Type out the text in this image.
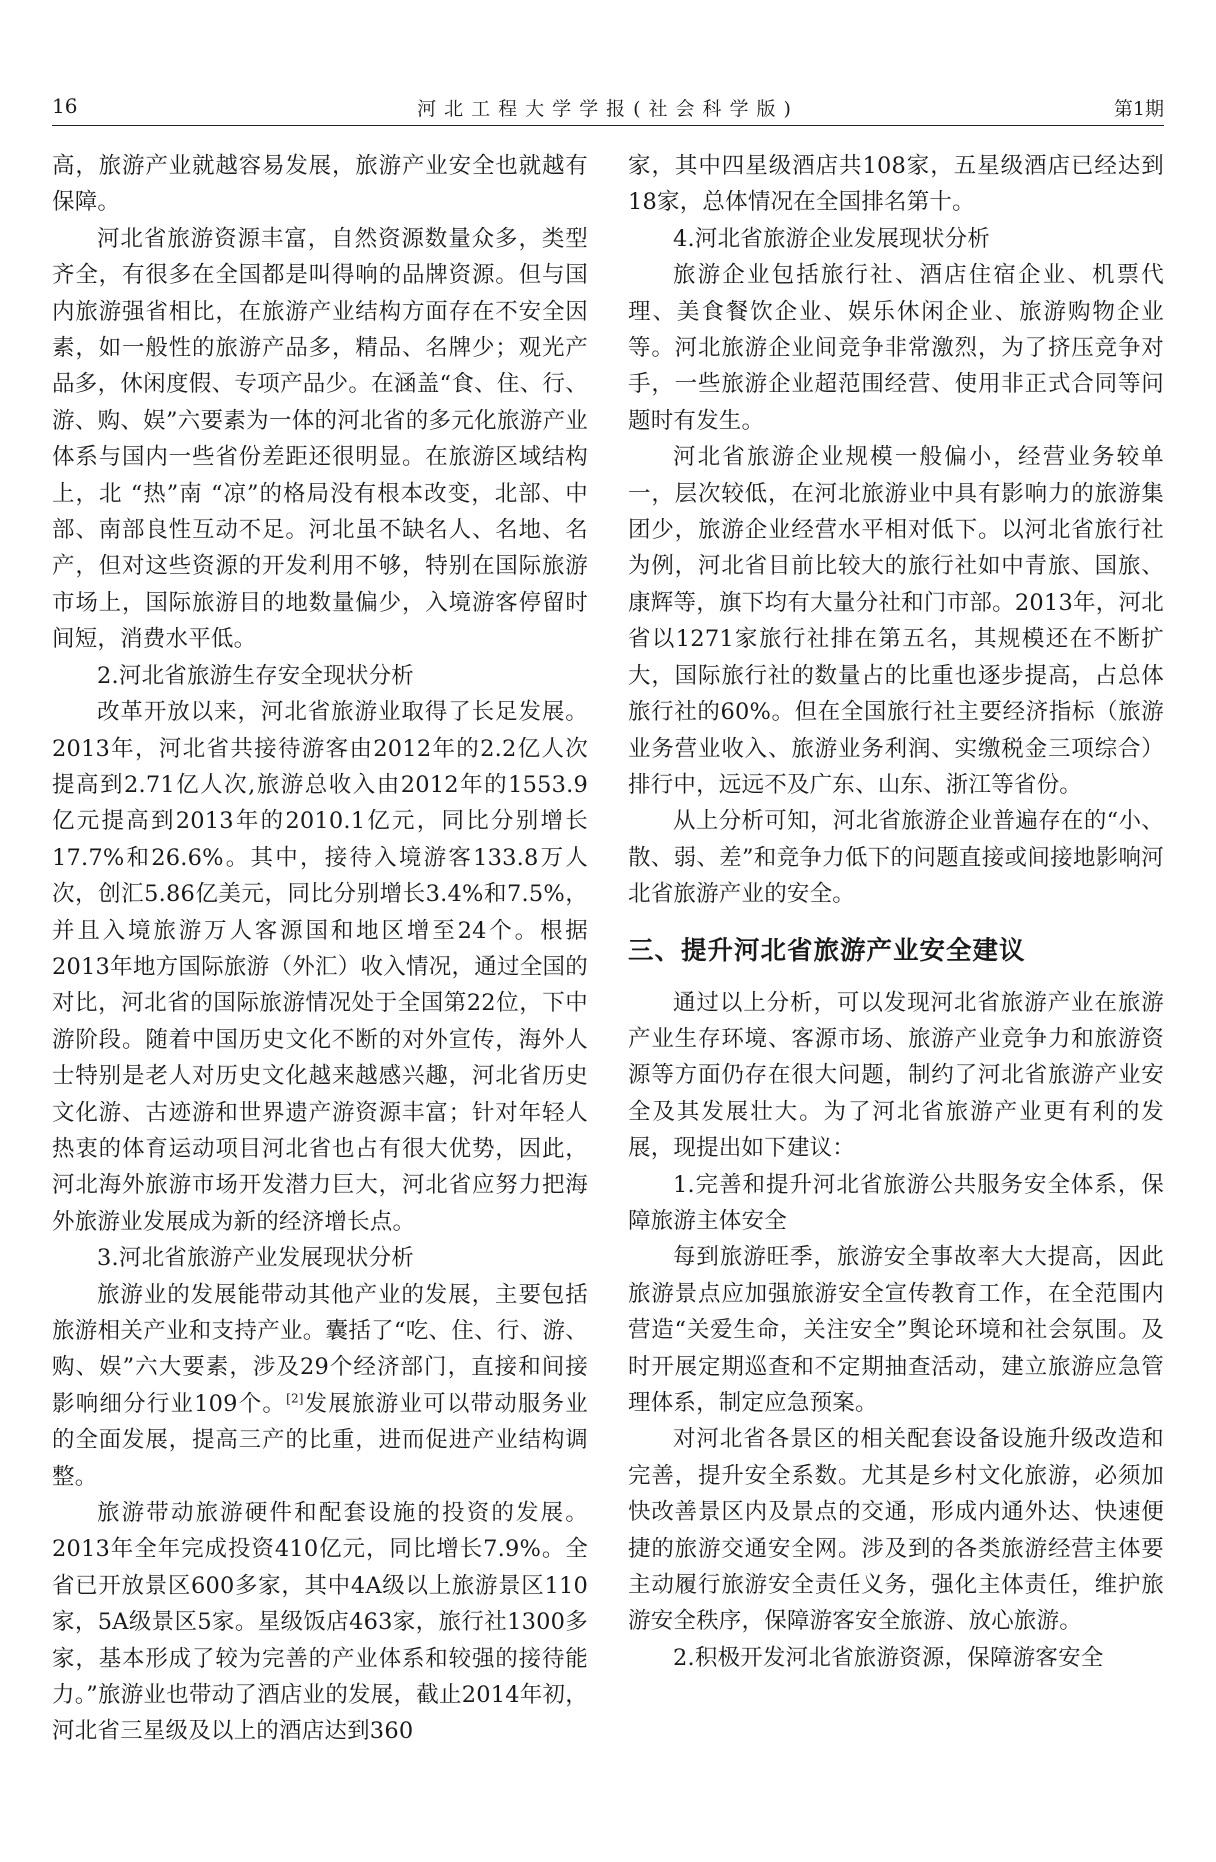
16	河北工程大学学报(社会科学版)	第1期

高，旅游产业就越容易发展，旅游产业安全也就越有保障。

河北省旅游资源丰富，自然资源数量众多，类型齐全，有很多在全国都是叫得响的品牌资源。但与国内旅游强省相比，在旅游产业结构方面存在不安全因素，如一般性的旅游产品多，精品、名牌少；观光产品多，休闲度假、专项产品少。在涵盖“食、住、行、游、购、娱”六要素为一体的河北省的多元化旅游产业体系与国内一些省份差距还很明显。在旅游区域结构上，北 “热”南 “凉”的格局没有根本改变，北部、中部、南部良性互动不足。河北虽不缺名人、名地、名产，但对这些资源的开发利用不够，特别在国际旅游市场上，国际旅游目的地数量偏少，入境游客停留时间短，消费水平低。

2.河北省旅游生存安全现状分析

改革开放以来，河北省旅游业取得了长足发展。2013年，河北省共接待游客由2012年的2.2亿人次提高到2.71亿人次,旅游总收入由2012年的1553.9亿元提高到2013年的2010.1亿元，同比分别增长17.7%和26.6%。其中，接待入境游客133.8万人次，创汇5.86亿美元，同比分别增长3.4%和7.5%，并且入境旅游万人客源国和地区增至24个。根据2013年地方国际旅游（外汇）收入情况，通过全国的对比，河北省的国际旅游情况处于全国第22位，下中游阶段。随着中国历史文化不断的对外宣传，海外人士特别是老人对历史文化越来越感兴趣，河北省历史文化游、古迹游和世界遗产游资源丰富；针对年轻人热衷的体育运动项目河北省也占有很大优势，因此，河北海外旅游市场开发潜力巨大，河北省应努力把海外旅游业发展成为新的经济增长点。

3.河北省旅游产业发展现状分析

旅游业的发展能带动其他产业的发展，主要包括旅游相关产业和支持产业。囊括了“吃、住、行、游、购、娱”六大要素，涉及29个经济部门，直接和间接影响细分行业109个。[2]发展旅游业可以带动服务业的全面发展，提高三产的比重，进而促进产业结构调整。

旅游带动旅游硬件和配套设施的投资的发展。2013年全年完成投资410亿元，同比增长7.9%。全省已开放景区600多家，其中4A级以上旅游景区110家，5A级景区5家。星级饭店463家，旅行社1300多家，基本形成了较为完善的产业体系和较强的接待能力。”旅游业也带动了酒店业的发展，截止2014年初，河北省三星级及以上的酒店达到360

家，其中四星级酒店共108家，五星级酒店已经达到18家，总体情况在全国排名第十。

4.河北省旅游企业发展现状分析

旅游企业包括旅行社、酒店住宿企业、机票代理、美食餐饮企业、娱乐休闲企业、旅游购物企业等。河北旅游企业间竞争非常激烈，为了挤压竞争对手，一些旅游企业超范围经营、使用非正式合同等问题时有发生。

河北省旅游企业规模一般偏小，经营业务较单一，层次较低，在河北旅游业中具有影响力的旅游集团少，旅游企业经营水平相对低下。以河北省旅行社为例，河北省目前比较大的旅行社如中青旅、国旅、康辉等，旗下均有大量分社和门市部。2013年，河北省以1271家旅行社排在第五名，其规模还在不断扩大，国际旅行社的数量占的比重也逐步提高，占总体旅行社的60%。但在全国旅行社主要经济指标（旅游业务营业收入、旅游业务利润、实缴税金三项综合）排行中，远远不及广东、山东、浙江等省份。

从上分析可知，河北省旅游企业普遍存在的“小、散、弱、差”和竞争力低下的问题直接或间接地影响河北省旅游产业的安全。

三、提升河北省旅游产业安全建议

通过以上分析，可以发现河北省旅游产业在旅游产业生存环境、客源市场、旅游产业竞争力和旅游资源等方面仍存在很大问题，制约了河北省旅游产业安全及其发展壮大。为了河北省旅游产业更有利的发展，现提出如下建议：

1.完善和提升河北省旅游公共服务安全体系，保障旅游主体安全

每到旅游旺季，旅游安全事故率大大提高，因此旅游景点应加强旅游安全宣传教育工作，在全范围内营造“关爱生命，关注安全”舆论环境和社会氛围。及时开展定期巡查和不定期抽查活动，建立旅游应急管理体系，制定应急预案。

对河北省各景区的相关配套设备设施升级改造和完善，提升安全系数。尤其是乡村文化旅游，必须加快改善景区内及景点的交通，形成内通外达、快速便捷的旅游交通安全网。涉及到的各类旅游经营主体要主动履行旅游安全责任义务，强化主体责任，维护旅游安全秩序，保障游客安全旅游、放心旅游。

2.积极开发河北省旅游资源，保障游客安全
